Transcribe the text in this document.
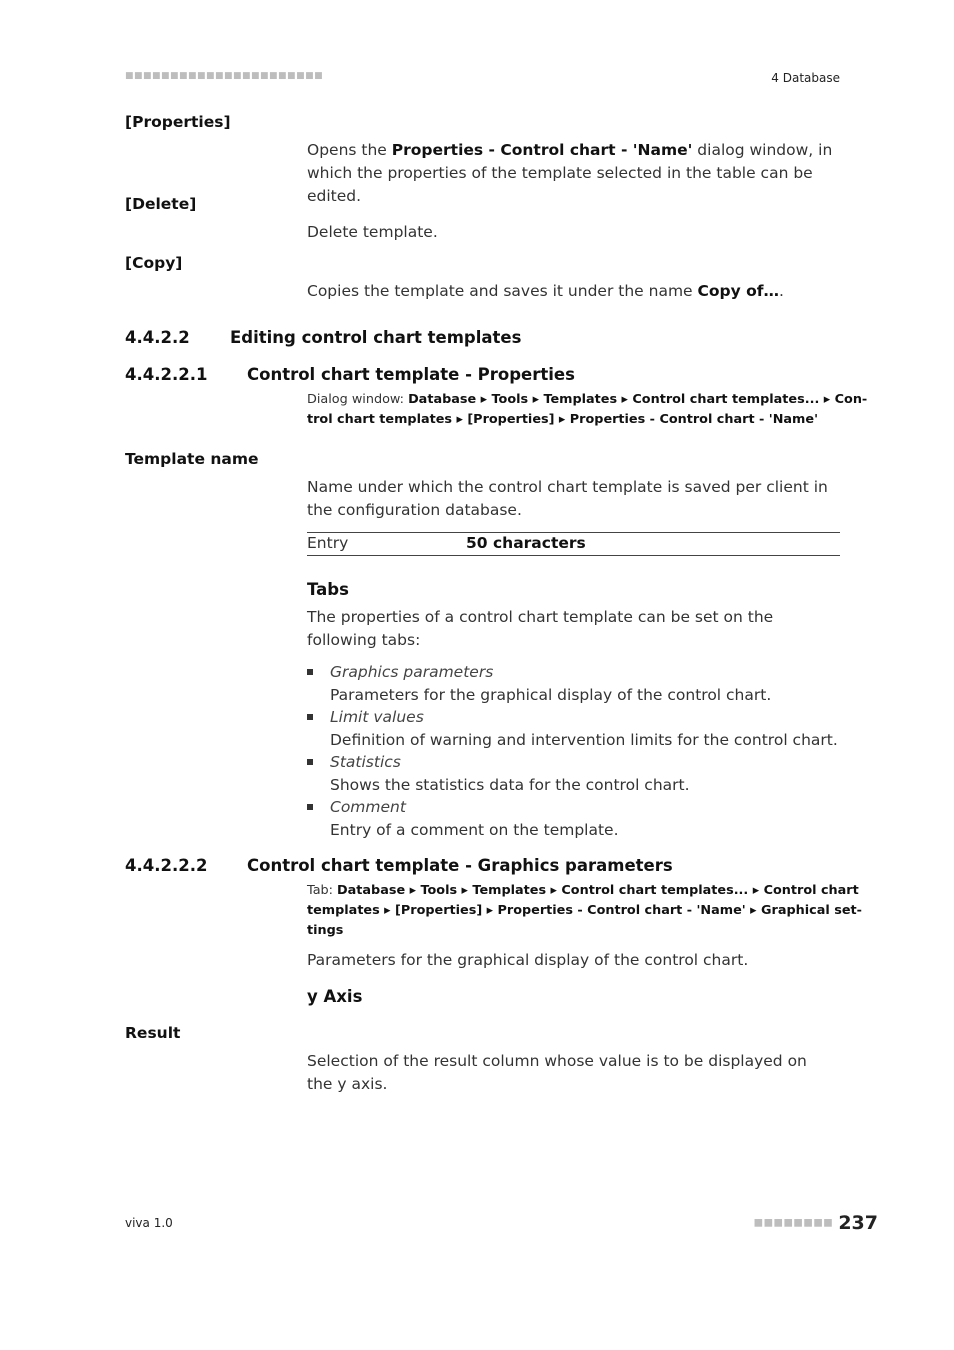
■■■■■■■■■■■■■■■■■■■■■■	4 Database
[Properties]
Opens the Properties - Control chart - 'Name' dialog window, in which the properties of the template selected in the table can be edited.
[Delete]
Delete template.
[Copy]
Copies the template and saves it under the name Copy of….
4.4.2.2 Editing control chart templates
4.4.2.2.1 Control chart template - Properties
Dialog window: Database ▸ Tools ▸ Templates ▸ Control chart templates... ▸ Con-
trol chart templates ▸ [Properties] ▸ Properties - Control chart - 'Name'
Template name
Name under which the control chart template is saved per client in the configuration database.
Entry	50 characters
Tabs
The properties of a control chart template can be set on the following tabs:
Graphics parameters
Parameters for the graphical display of the control chart.
Limit values
Definition of warning and intervention limits for the control chart.
Statistics
Shows the statistics data for the control chart.
Comment
Entry of a comment on the template.
4.4.2.2.2 Control chart template - Graphics parameters
Tab: Database ▸ Tools ▸ Templates ▸ Control chart templates... ▸ Control chart
templates ▸ [Properties] ▸ Properties - Control chart - 'Name' ▸ Graphical set-
tings
Parameters for the graphical display of the control chart.
y Axis
Result
Selection of the result column whose value is to be displayed on the y axis.
viva 1.0	■■■■■■■■ 237
